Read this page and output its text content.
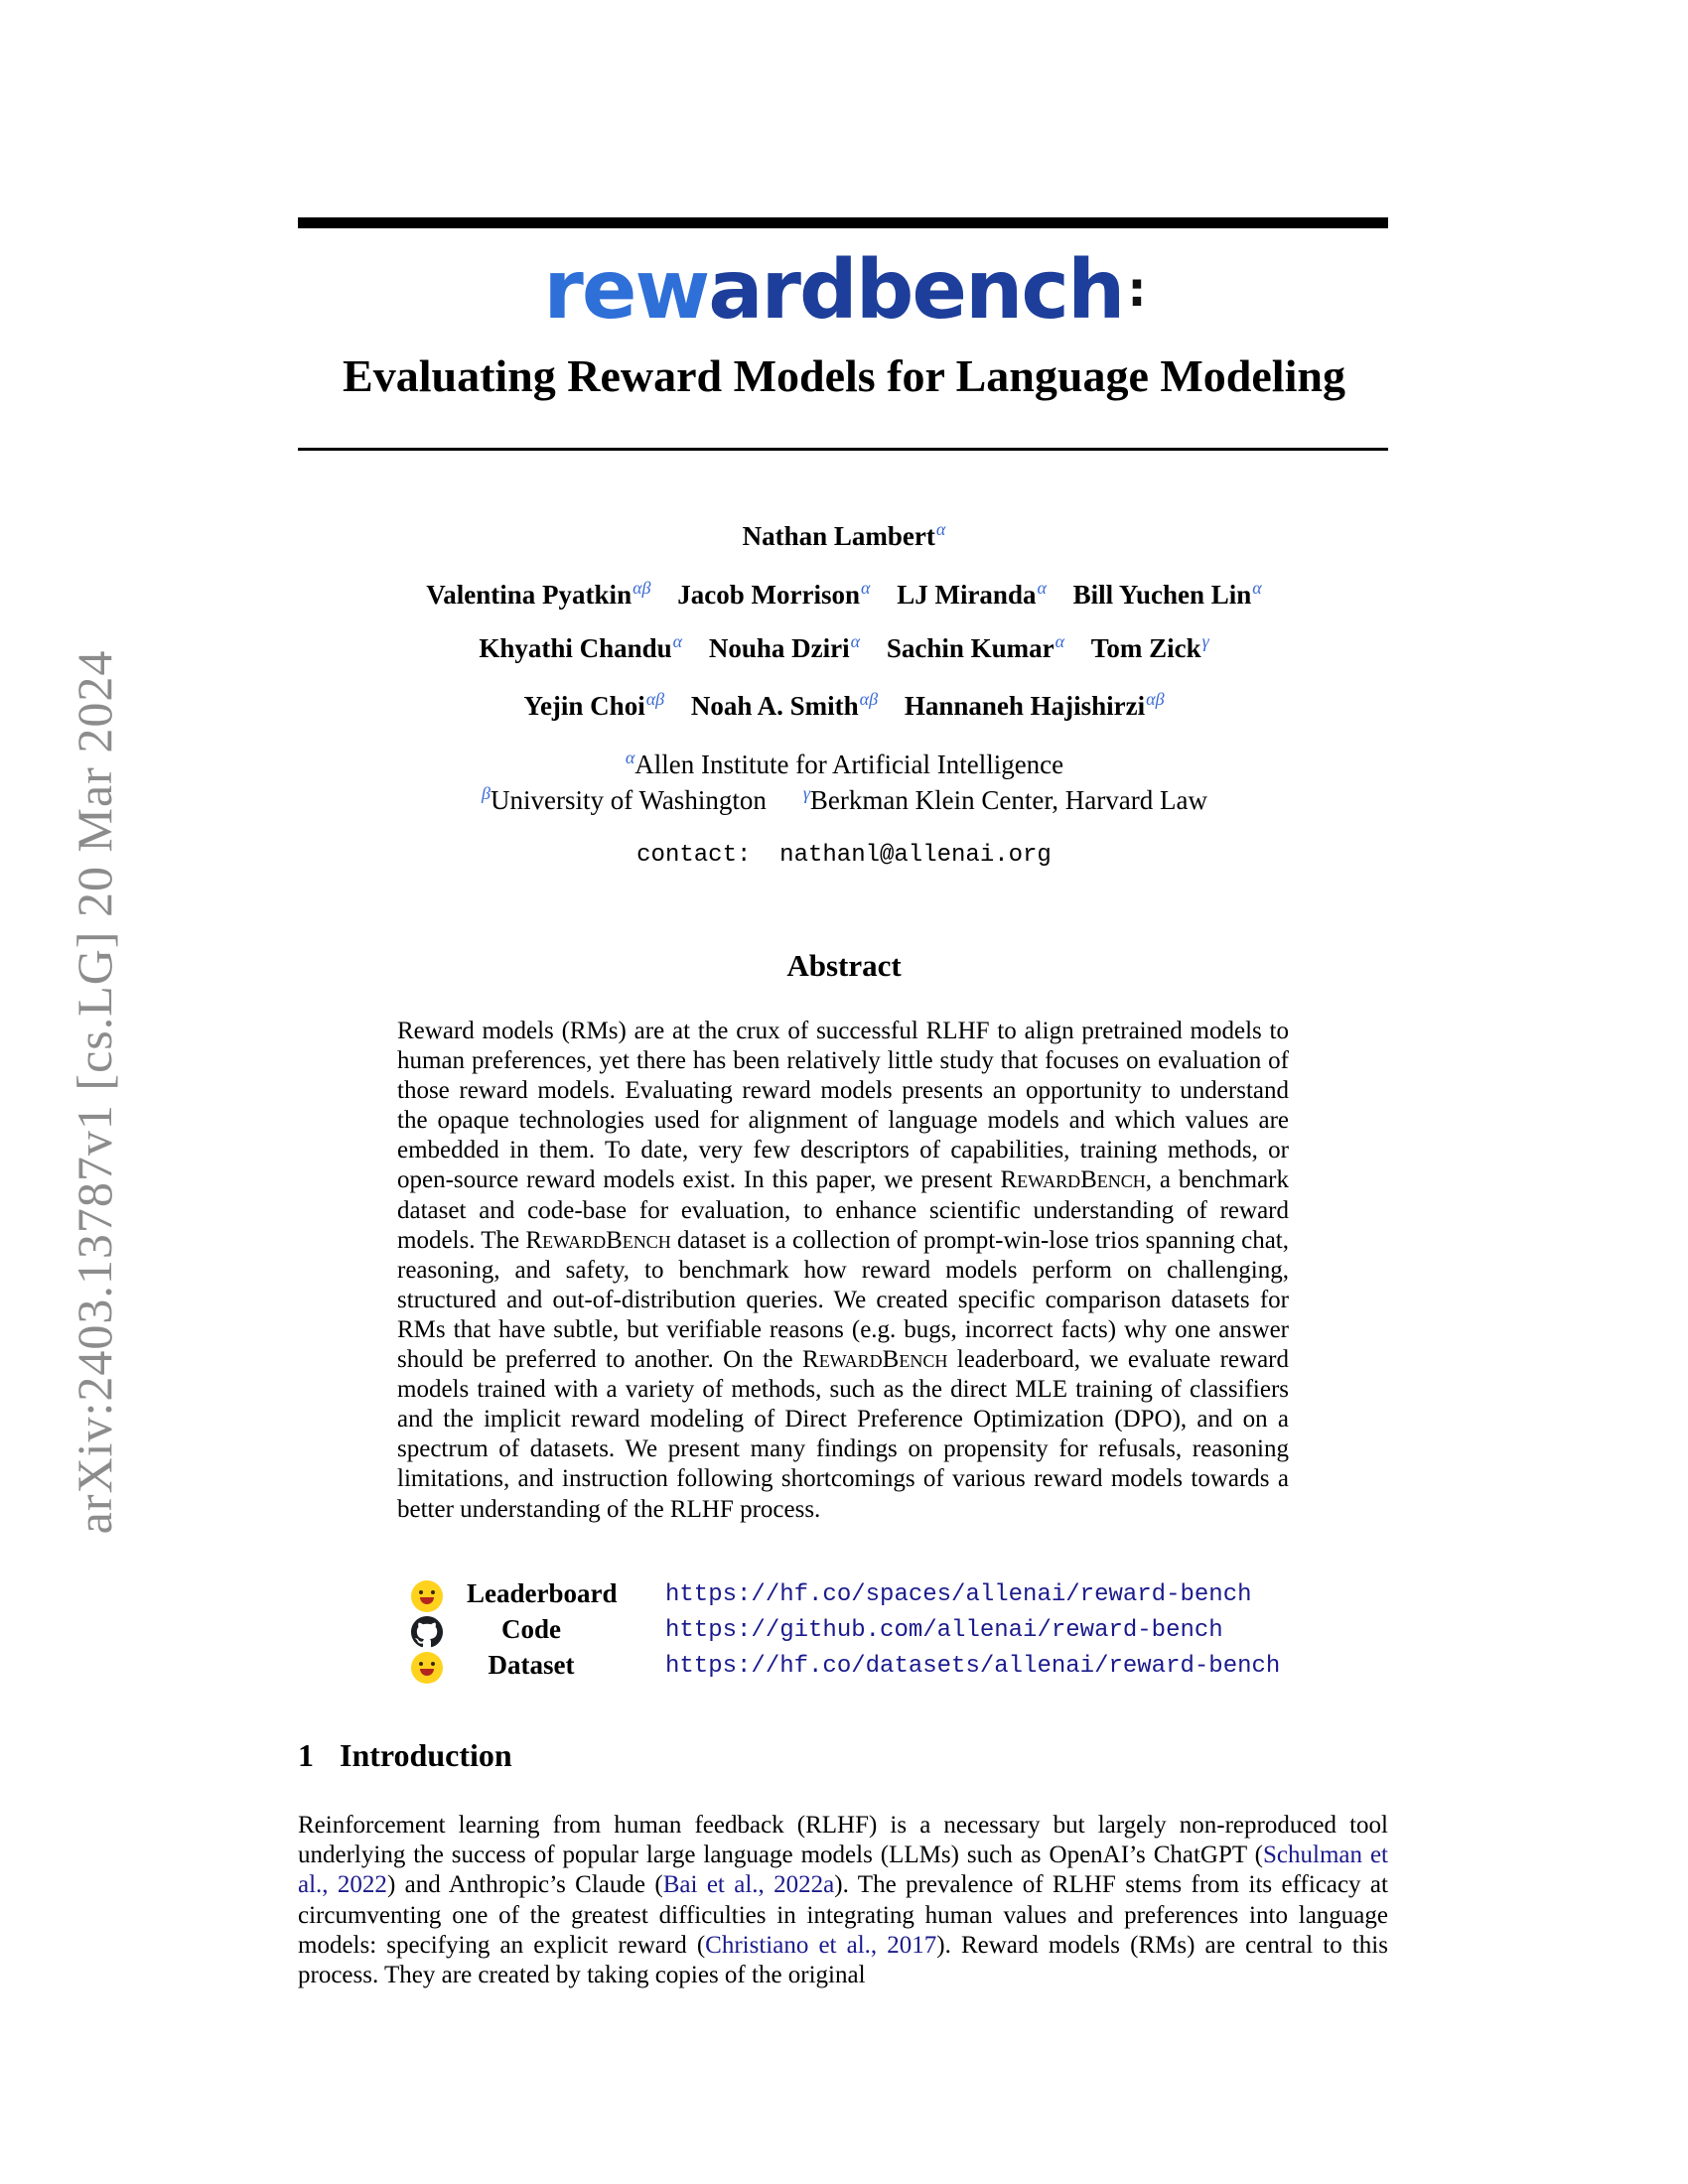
arXiv:2403.13787v1 [cs.LG] 20 Mar 2024
rewardbench:
Evaluating Reward Models for Language Modeling
Nathan Lambert$^\alpha$
Valentina Pyatkin$^{\alpha\beta}$ Jacob Morrison$^\alpha$ LJ Miranda$^\alpha$ Bill Yuchen Lin$^\alpha$
Khyathi Chandu$^\alpha$ Nouha Dziri$^\alpha$ Sachin Kumar$^\alpha$ Tom Zick$^\gamma$
Yejin Choi$^{\alpha\beta}$ Noah A. Smith$^{\alpha\beta}$ Hannaneh Hajishirzi$^{\alpha\beta}$
$^\alpha$Allen Institute for Artificial Intelligence
$^\beta$University of Washington $^\gamma$Berkman Klein Center, Harvard Law
contact:  nathanl@allenai.org
Abstract
Reward models (RMs) are at the crux of successful RLHF to align pretrained models to human preferences, yet there has been relatively little study that focuses on evaluation of those reward models. Evaluating reward models presents an opportunity to understand the opaque technologies used for alignment of language models and which values are embedded in them. To date, very few descriptors of capabilities, training methods, or open-source reward models exist. In this paper, we present RewardBench, a benchmark dataset and code-base for evaluation, to enhance scientific understanding of reward models. The RewardBench dataset is a collection of prompt-win-lose trios spanning chat, reasoning, and safety, to benchmark how reward models perform on challenging, structured and out-of-distribution queries. We created specific comparison datasets for RMs that have subtle, but verifiable reasons (e.g. bugs, incorrect facts) why one answer should be preferred to another. On the RewardBench leaderboard, we evaluate reward models trained with a variety of methods, such as the direct MLE training of classifiers and the implicit reward modeling of Direct Preference Optimization (DPO), and on a spectrum of datasets. We present many findings on propensity for refusals, reasoning limitations, and instruction following shortcomings of various reward models towards a better understanding of the RLHF process.
Leaderboard https://hf.co/spaces/allenai/reward-bench
Code	https://github.com/allenai/reward-bench
Dataset	https://hf.co/datasets/allenai/reward-bench
1 Introduction
Reinforcement learning from human feedback (RLHF) is a necessary but largely non-reproduced tool underlying the success of popular large language models (LLMs) such as OpenAI’s ChatGPT (Schulman et al., 2022) and Anthropic’s Claude (Bai et al., 2022a). The prevalence of RLHF stems from its efficacy at circumventing one of the greatest difficulties in integrating human values and preferences into language models: specifying an explicit reward (Christiano et al., 2017). Reward models (RMs) are central to this process. They are created by taking copies of the original
